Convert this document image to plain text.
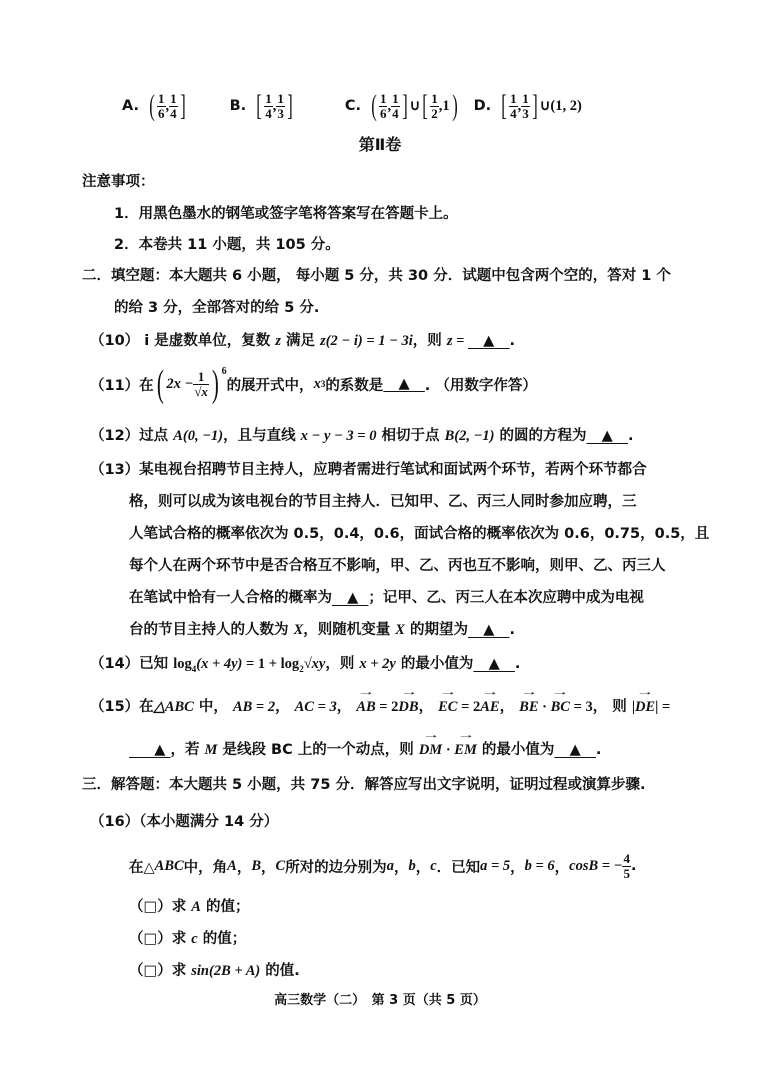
A. ( $\frac{1}{6}$ , $\frac{1}{4}$ ]	B. [ $\frac{1}{4}$ , $\frac{1}{3}$ ]	C. ( $\frac{1}{6}$ , $\frac{1}{4}$ ] ∪[ $\frac{1}{2} ,1$) D. [ $\frac{1}{4}$ , $\frac{1}{3}$ ] ∪(1, 2)
第Ⅱ卷
注意事项：
1．用黑色墨水的钢笔或签字笔将答案写在答题卡上。
2．本卷共 11 小题，共 105 分。
二．填空题：本大题共 6 小题， 每小题 5 分，共 30 分．试题中包含两个空的，答对 1 个
的给 3 分，全部答对的给 5 分.
（10） i 是虚数单位，复数 z 满足 z(2 − i) = 1 − 3i，则 z =    ▲ .
（11）在 ( $2x - \frac{1}{√x}$ ) $^6$
的展开式中， x 3 的系数是	▲	. （用数字作答）
（12）过点 A(0, −1)，且与直线 x − y − 3 = 0 相切于点 B(2, −1) 的圆的方程为 ▲ .
（13）某电视台招聘节目主持人，应聘者需进行笔试和面试两个环节，若两个环节都合
格，则可以成为该电视台的节目主持人．已知甲、乙、丙三人同时参加应聘，三
人笔试合格的概率依次为 0.5，0.4，0.6，面试合格的概率依次为 0.6，0.75，0.5，且
每个人在两个环节中是否合格互不影响，甲、乙、丙也互不影响，则甲、乙、丙三人
在笔试中恰有一人合格的概率为 ▲ ；记甲、乙、丙三人在本次应聘中成为电视
台的节目主持人的人数为 X，则随机变量 X 的期望为 ▲ .
（14）已知 $\log_4(x + 4y) = 1 + \log_2√xy$，则 x + 2y 的最小值为 ▲ .
（15）在△ABC 中， AB = 2， AC = 3， → AB = 2→ DB， → EC = 2→ AE， → BE · → BC = 3， 则 |→ DE| =
▲ ，若 M 是线段 BC 上的一个动点，则 → DM · → EM 的最小值为 ▲ .
三．解答题：本大题共 5 小题，共 75 分．解答应写出文字说明，证明过程或演算步骤.
（16）（本小题满分 14 分）
在△ ABC 中，角 A ， B ， C 所对的边分别为 a ， b ， c ．已知 a = 5 ， b = 6 ， cosB = − $\frac{4}{5}$ .
（□）求 A 的值；
（□）求 c 的值；
（□）求 sin(2B + A) 的值.
高三数学（二）　第 3 页（共 5 页）
